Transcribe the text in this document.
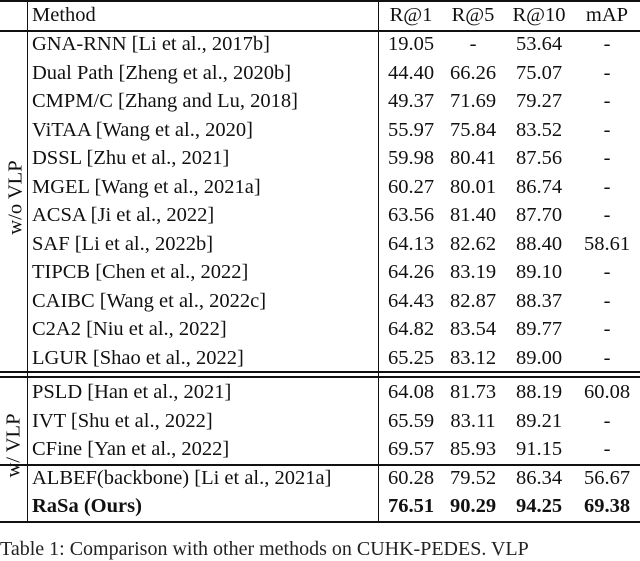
Method	R@1 R@5 R@10 mAP
w/o VLP
w/ VLP
GNA-RNN [Li et al., 2017b]	19.05	-	53.64	-
Dual Path [Zheng et al., 2020b]	44.40 66.26 75.07	-
CMPM/C [Zhang and Lu, 2018]	49.37 71.69 79.27	-
ViTAA [Wang et al., 2020]	55.97 75.84 83.52	-
DSSL [Zhu et al., 2021]	59.98 80.41 87.56	-
MGEL [Wang et al., 2021a]	60.27 80.01 86.74	-
ACSA [Ji et al., 2022]	63.56 81.40 87.70	-
SAF [Li et al., 2022b]	64.13 82.62 88.40	58.61
TIPCB [Chen et al., 2022]	64.26 83.19 89.10	-
CAIBC [Wang et al., 2022c]	64.43 82.87 88.37	-
C2A2 [Niu et al., 2022]	64.82 83.54 89.77	-
LGUR [Shao et al., 2022]	65.25 83.12 89.00	-
PSLD [Han et al., 2021]	64.08 81.73 88.19	60.08
IVT [Shu et al., 2022]	65.59 83.11 89.21	-
CFine [Yan et al., 2022]	69.57 85.93 91.15	-
ALBEF(backbone) [Li et al., 2021a]	60.28 79.52 86.34	56.67
RaSa (Ours)	76.51 90.29 94.25	69.38
Table 1: Comparison with other methods on CUHK-PEDES. VLP
